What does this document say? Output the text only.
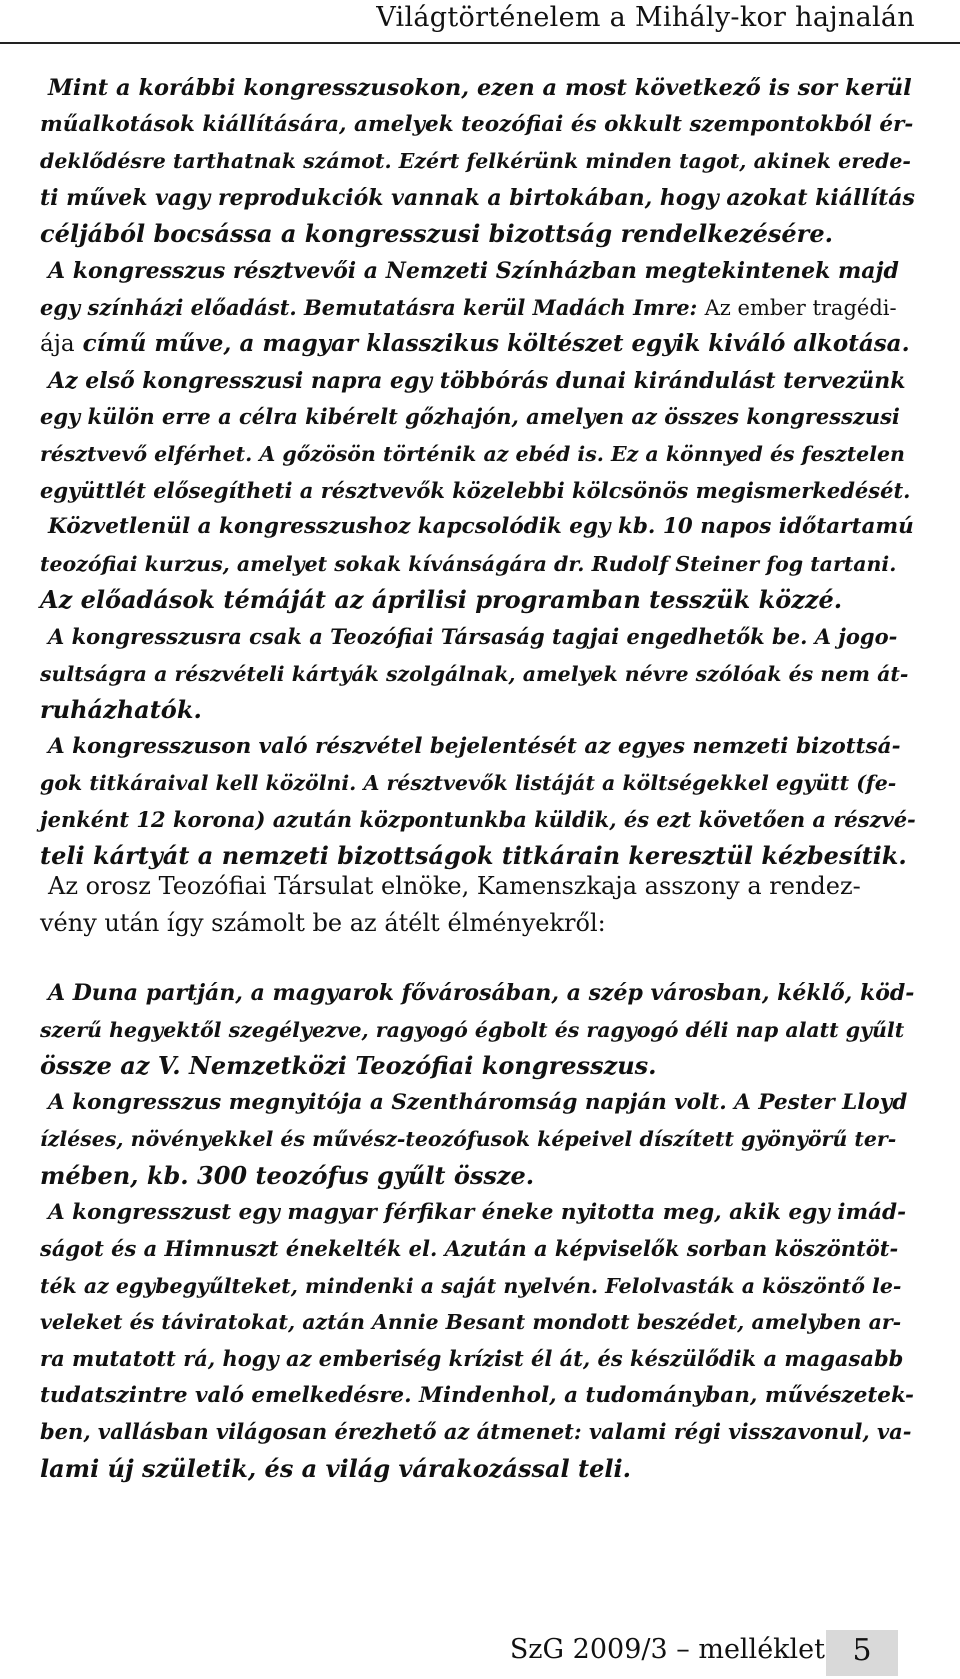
Világtörténelem a Mihály-kor hajnalán
Mint a korábbi kongresszusokon, ezen a most következő is sor kerül
műalkotások kiállítására, amelyek teozófiai és okkult szempontokból ér-
deklődésre tarthatnak számot. Ezért felkérünk minden tagot, akinek erede-
ti művek vagy reprodukciók vannak a birtokában, hogy azokat kiállítás
céljából bocsássa a kongresszusi bizottság rendelkezésére.
A kongresszus résztvevői a Nemzeti Színházban megtekintenek majd
egy színházi előadást. Bemutatásra kerül Madách Imre: Az ember tragédi-
ája című műve, a magyar klasszikus költészet egyik kiváló alkotása.
Az első kongresszusi napra egy többórás dunai kirándulást tervezünk
egy külön erre a célra kibérelt gőzhajón, amelyen az összes kongresszusi
résztvevő elférhet. A gőzösön történik az ebéd is. Ez a könnyed és fesztelen
együttlét elősegítheti a résztvevők közelebbi kölcsönös megismerkedését.
Közvetlenül a kongresszushoz kapcsolódik egy kb. 10 napos időtartamú
teozófiai kurzus, amelyet sokak kívánságára dr. Rudolf Steiner fog tartani.
Az előadások témáját az áprilisi programban tesszük közzé.
A kongresszusra csak a Teozófiai Társaság tagjai engedhetők be. A jogo-
sultságra a részvételi kártyák szolgálnak, amelyek névre szólóak és nem át-
ruházhatók.
A kongresszuson való részvétel bejelentését az egyes nemzeti bizottsá-
gok titkáraival kell közölni. A résztvevők listáját a költségekkel együtt (fe-
jenként 12 korona) azután központunkba küldik, és ezt követően a részvé-
teli kártyát a nemzeti bizottságok titkárain keresztül kézbesítik.
Az orosz Teozófiai Társulat elnöke, Kamenszkaja asszony a rendez-
vény után így számolt be az átélt élményekről:
A Duna partján, a magyarok fővárosában, a szép városban, kéklő, köd-
szerű hegyektől szegélyezve, ragyogó égbolt és ragyogó déli nap alatt gyűlt
össze az V. Nemzetközi Teozófiai kongresszus.
A kongresszus megnyitója a Szentháromság napján volt. A Pester Lloyd
ízléses, növényekkel és művész-teozófusok képeivel díszített gyönyörű ter-
mében, kb. 300 teozófus gyűlt össze.
A kongresszust egy magyar férfikar éneke nyitotta meg, akik egy imád-
ságot és a Himnuszt énekelték el. Azután a képviselők sorban köszöntöt-
ték az egybegyűlteket, mindenki a saját nyelvén. Felolvasták a köszöntő le-
veleket és táviratokat, aztán Annie Besant mondott beszédet, amelyben ar-
ra mutatott rá, hogy az emberiség krízist él át, és készülődik a magasabb
tudatszintre való emelkedésre. Mindenhol, a tudományban, művészetek-
ben, vallásban világosan érezhető az átmenet: valami régi visszavonul, va-
lami új születik, és a világ várakozással teli.
SzG 2009/3 – melléklet 5
